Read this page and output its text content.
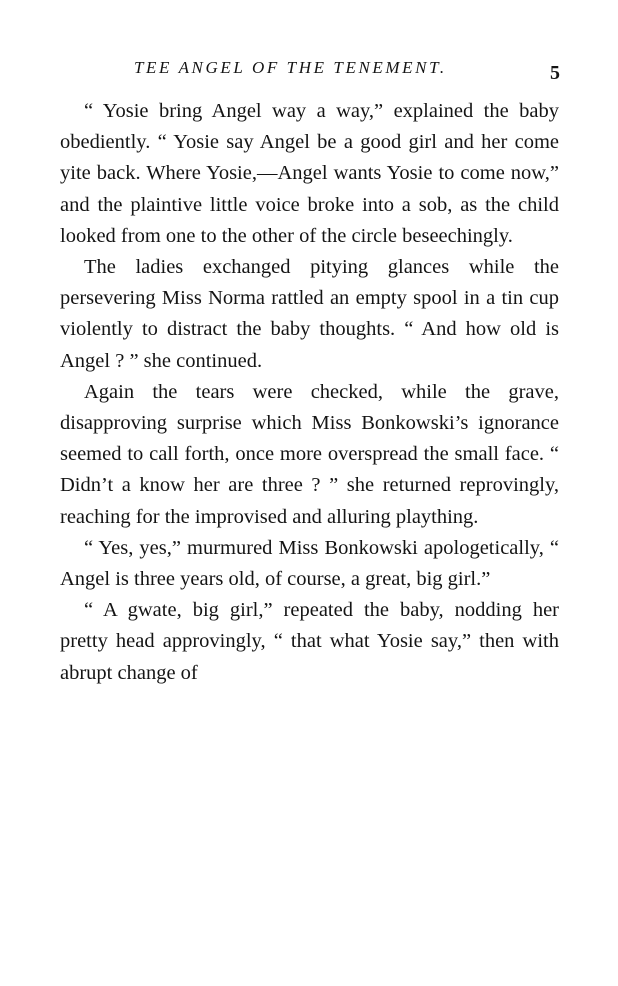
TEE ANGEL OF THE TENEMENT.	5

“ Yosie bring Angel way a way,” explained the baby obediently. “ Yosie say Angel be a good girl and her come yite back. Where Yosie,—Angel wants Yosie to come now,” and the plaintive little voice broke into a sob, as the child looked from one to the other of the circle beseechingly.

The ladies exchanged pitying glances while the persevering Miss Norma rattled an empty spool in a tin cup violently to distract the baby thoughts. “ And how old is Angel ? ” she continued.

Again the tears were checked, while the grave, disapproving surprise which Miss Bonkowski’s ignorance seemed to call forth, once more overspread the small face. “ Didn’t a know her are three ? ” she returned reprovingly, reaching for the improvised and alluring plaything.

“ Yes, yes,” murmured Miss Bonkowski apologetically, “ Angel is three years old, of course, a great, big girl.”

“ A gwate, big girl,” repeated the baby, nodding her pretty head approvingly, “ that what Yosie say,” then with abrupt change of
